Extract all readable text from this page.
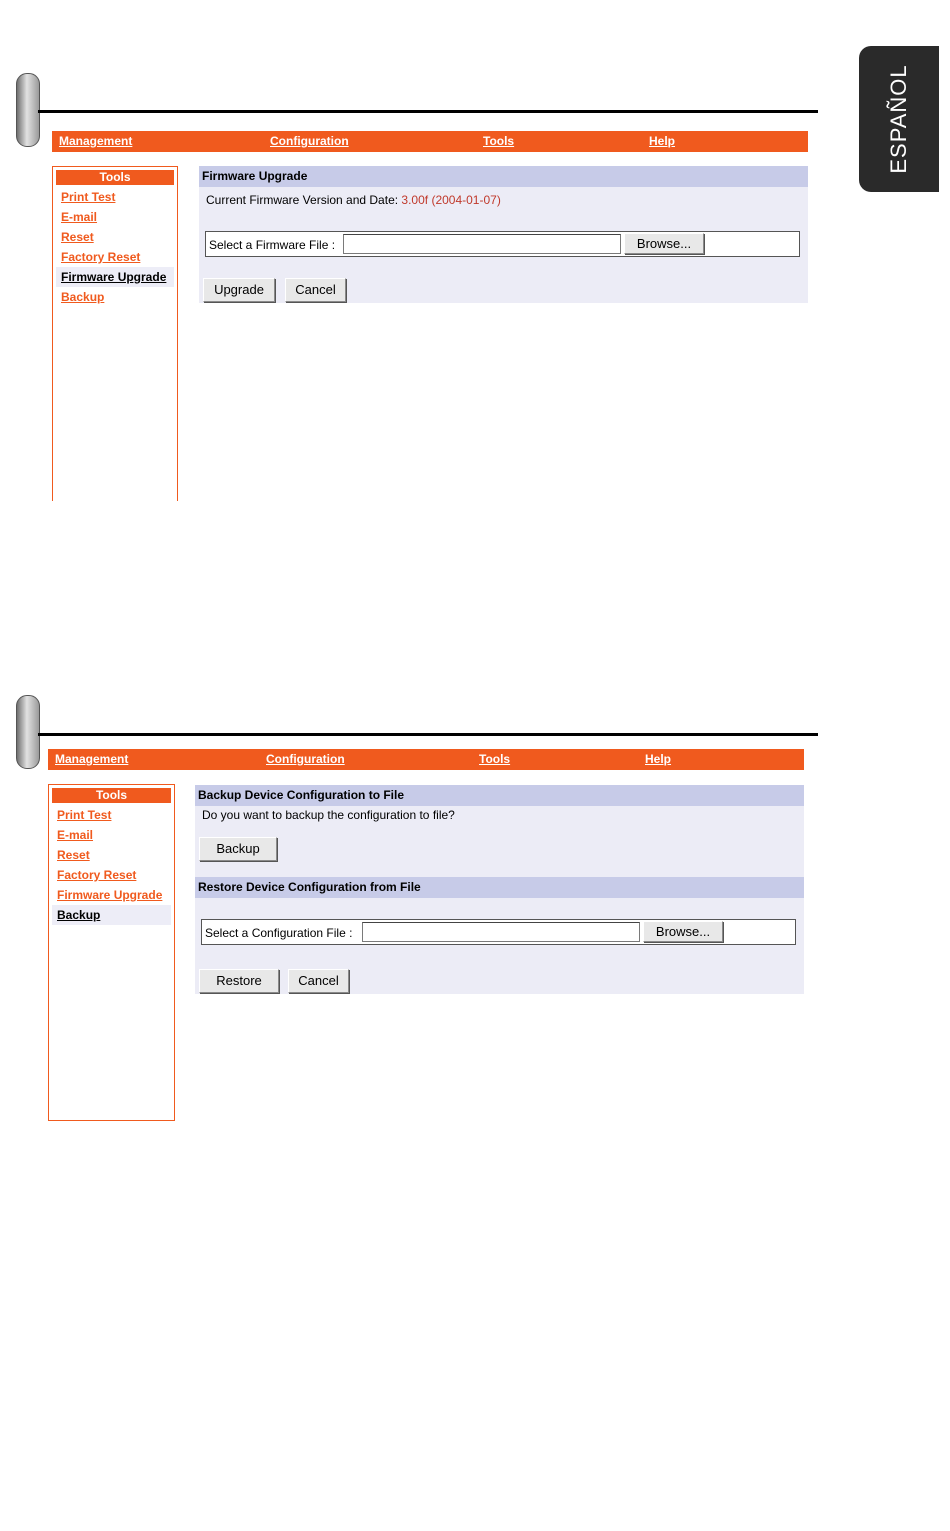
ESPAÑOL
Management	Configuration	Tools	Help
Tools
Print Test
E-mail
Reset
Factory Reset
Firmware Upgrade
Backup
Firmware Upgrade
Current Firmware Version and Date: 3.00f (2004-01-07)
Select a Firmware File :	Browse...
Upgrade	Cancel
Management	Configuration	Tools	Help
Tools
Print Test
E-mail
Reset
Factory Reset
Firmware Upgrade
Backup
Backup Device Configuration to File
Do you want to backup the configuration to file?
Backup
Restore Device Configuration from File
Select a Configuration File :	Browse...
Restore	Cancel
